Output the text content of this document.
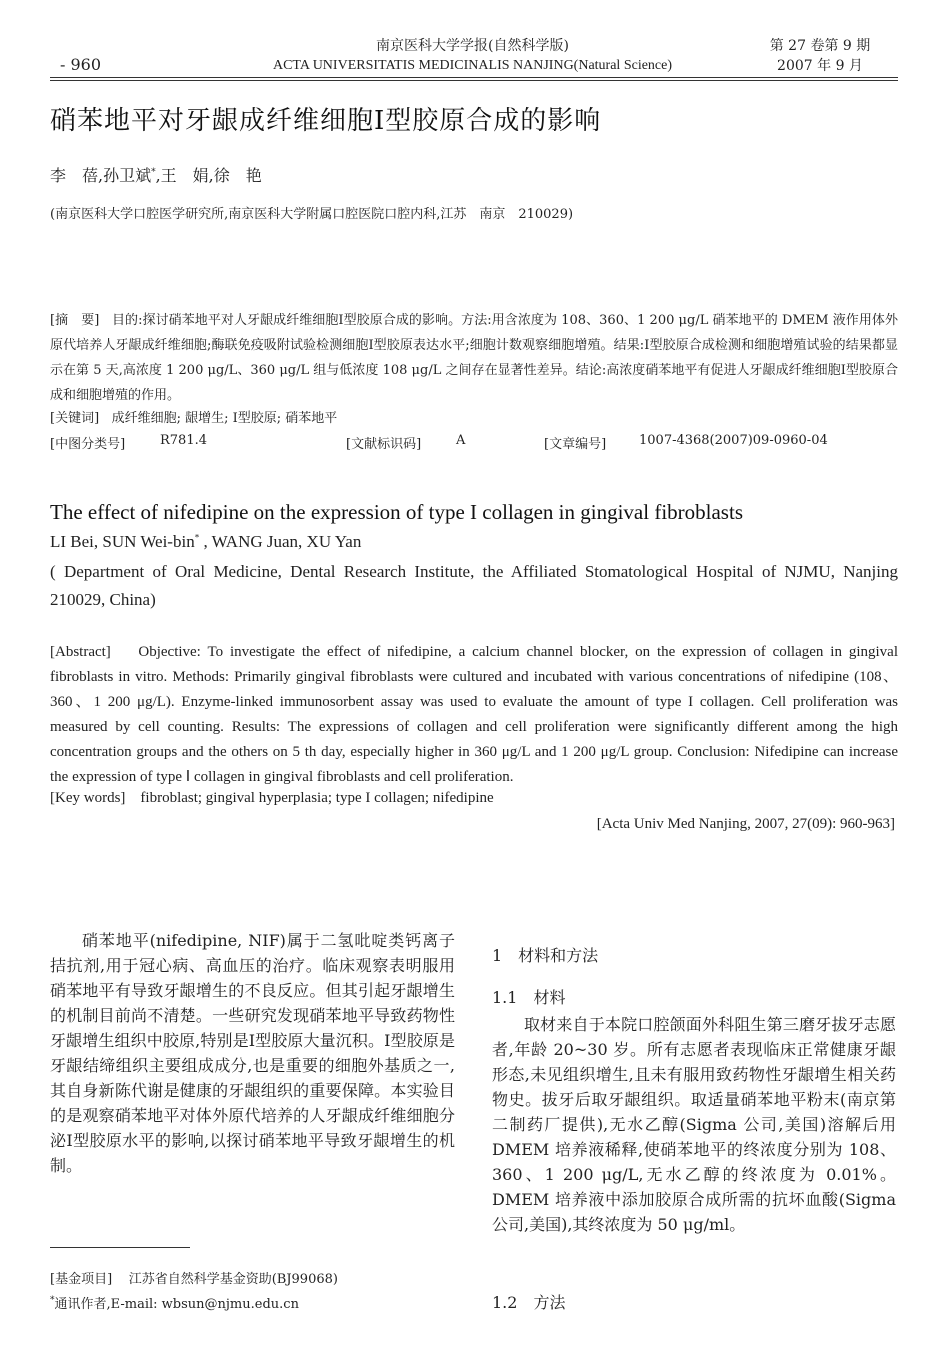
南京医科大学学报(自然科学版)
- 960	ACTA UNIVERSITATIS MEDICINALIS NANJING(Natural Science)
第 27 卷第 9 期
2007 年 9 月
硝苯地平对牙龈成纤维细胞Ⅰ型胶原合成的影响
李　蓓,孙卫斌*,王　娟,徐　艳
(南京医科大学口腔医学研究所,南京医科大学附属口腔医院口腔内科,江苏　南京　210029)
[摘　要] 目的:探讨硝苯地平对人牙龈成纤维细胞Ⅰ型胶原合成的影响。方法:用含浓度为 108、360、1 200 μg/L 硝苯地平的 DMEM 液作用体外原代培养人牙龈成纤维细胞;酶联免疫吸附试验检测细胞Ⅰ型胶原表达水平;细胞计数观察细胞增殖。结果:Ⅰ型胶原合成检测和细胞增殖试验的结果都显示在第 5 天,高浓度 1 200 μg/L、360 μg/L 组与低浓度 108 μg/L 之间存在显著性差异。结论:高浓度硝苯地平有促进人牙龈成纤维细胞Ⅰ型胶原合成和细胞增殖的作用。
[关键词] 成纤维细胞; 龈增生; Ⅰ型胶原; 硝苯地平
[中图分类号]	R781.4	[文献标识码]	A	[文章编号]	1007-4368(2007)09-0960-04
The effect of nifedipine on the expression of type I collagen in gingival fibroblasts
LI Bei, SUN Wei-bin* , WANG Juan, XU Yan
( Department of Oral Medicine, Dental Research Institute, the Affiliated Stomatological Hospital of NJMU, Nanjing 210029, China)
[Abstract] Objective: To investigate the effect of nifedipine, a calcium channel blocker, on the expression of collagen in gingival fibroblasts in vitro. Methods: Primarily gingival fibroblasts were cultured and incubated with various concentrations of nifedipine (108、360、1 200 μg/L). Enzyme-linked immunosorbent assay was used to evaluate the amount of type I collagen. Cell proliferation was measured by cell counting. Results: The expressions of collagen and cell proliferation were significantly different among the high concentration groups and the others on 5 th day, especially higher in 360 μg/L and 1 200 μg/L group. Conclusion: Nifedipine can increase the expression of type Ⅰ collagen in gingival fibroblasts and cell proliferation.
[Key words] fibroblast; gingival hyperplasia; type I collagen; nifedipine
[Acta Univ Med Nanjing, 2007, 27(09): 960-963]

硝苯地平(nifedipine, NIF)属于二氢吡啶类钙离子拮抗剂,用于冠心病、高血压的治疗。临床观察表明服用硝苯地平有导致牙龈增生的不良反应。但其引起牙龈增生的机制目前尚不清楚。一些研究发现硝苯地平导致药物性牙龈增生组织中胶原,特别是Ⅰ型胶原大量沉积。Ⅰ型胶原是牙龈结缔组织主要组成成分,也是重要的细胞外基质之一,其自身新陈代谢是健康的牙龈组织的重要保障。本实验目的是观察硝苯地平对体外原代培养的人牙龈成纤维细胞分泌Ⅰ型胶原水平的影响,以探讨硝苯地平导致牙龈增生的机制。

[基金项目] 江苏省自然科学基金资助(BJ99068)
*通讯作者,E-mail: wbsun@njmu.edu.cn
1　材料和方法
1.1　材料

取材来自于本院口腔颌面外科阻生第三磨牙拔牙志愿者,年龄 20~30 岁。所有志愿者表现临床正常健康牙龈形态,未见组织增生,且未有服用致药物性牙龈增生相关药物史。拔牙后取牙龈组织。取适量硝苯地平粉末(南京第二制药厂提供),无水乙醇(Sigma 公司,美国)溶解后用 DMEM 培养液稀释,使硝苯地平的终浓度分别为 108、360、1 200 μg/L,无水乙醇的终浓度为 0.01%。DMEM 培养液中添加胶原合成所需的抗坏血酸(Sigma 公司,美国),其终浓度为 50 μg/ml。

1.2　方法
